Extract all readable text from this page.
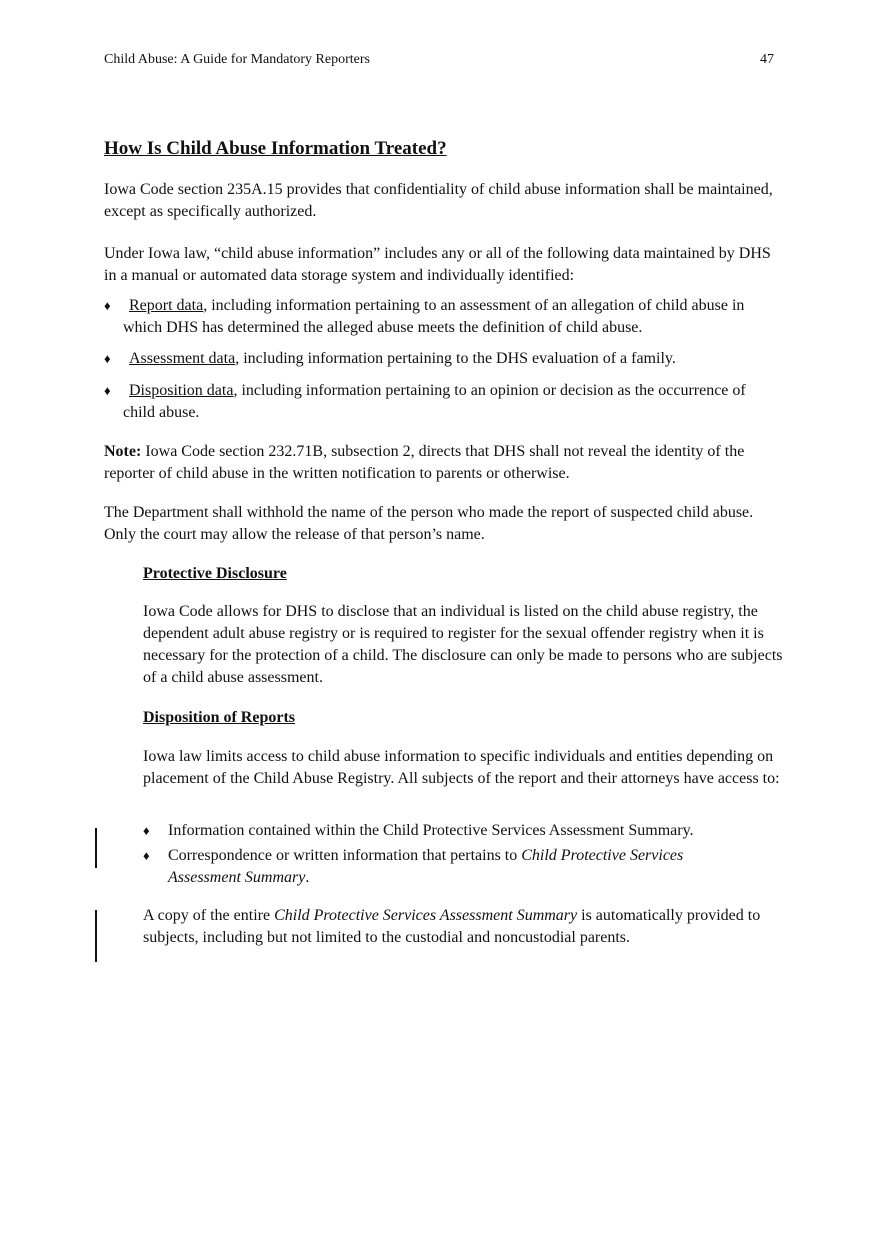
Child Abuse: A Guide for Mandatory Reporters	47
How Is Child Abuse Information Treated?
Iowa Code section 235A.15 provides that confidentiality of child abuse information shall be maintained, except as specifically authorized.
Under Iowa law, “child abuse information” includes any or all of the following data maintained by DHS in a manual or automated data storage system and individually identified:
♦	Report data, including information pertaining to an assessment of an allegation of child abuse in which DHS has determined the alleged abuse meets the definition of child abuse.
♦	Assessment data, including information pertaining to the DHS evaluation of a family.
♦	Disposition data, including information pertaining to an opinion or decision as the occurrence of child abuse.
Note: Iowa Code section 232.71B, subsection 2, directs that DHS shall not reveal the identity of the reporter of child abuse in the written notification to parents or otherwise.
The Department shall withhold the name of the person who made the report of suspected child abuse. Only the court may allow the release of that person’s name.
Protective Disclosure
Iowa Code allows for DHS to disclose that an individual is listed on the child abuse registry, the dependent adult abuse registry or is required to register for the sexual offender registry when it is necessary for the protection of a child. The disclosure can only be made to persons who are subjects of a child abuse assessment.
Disposition of Reports
Iowa law limits access to child abuse information to specific individuals and entities depending on placement of the Child Abuse Registry. All subjects of the report and their attorneys have access to:
♦	Information contained within the Child Protective Services Assessment Summary.
♦	Correspondence or written information that pertains to Child Protective Services Assessment Summary.
A copy of the entire Child Protective Services Assessment Summary is automatically provided to subjects, including but not limited to the custodial and noncustodial parents.
